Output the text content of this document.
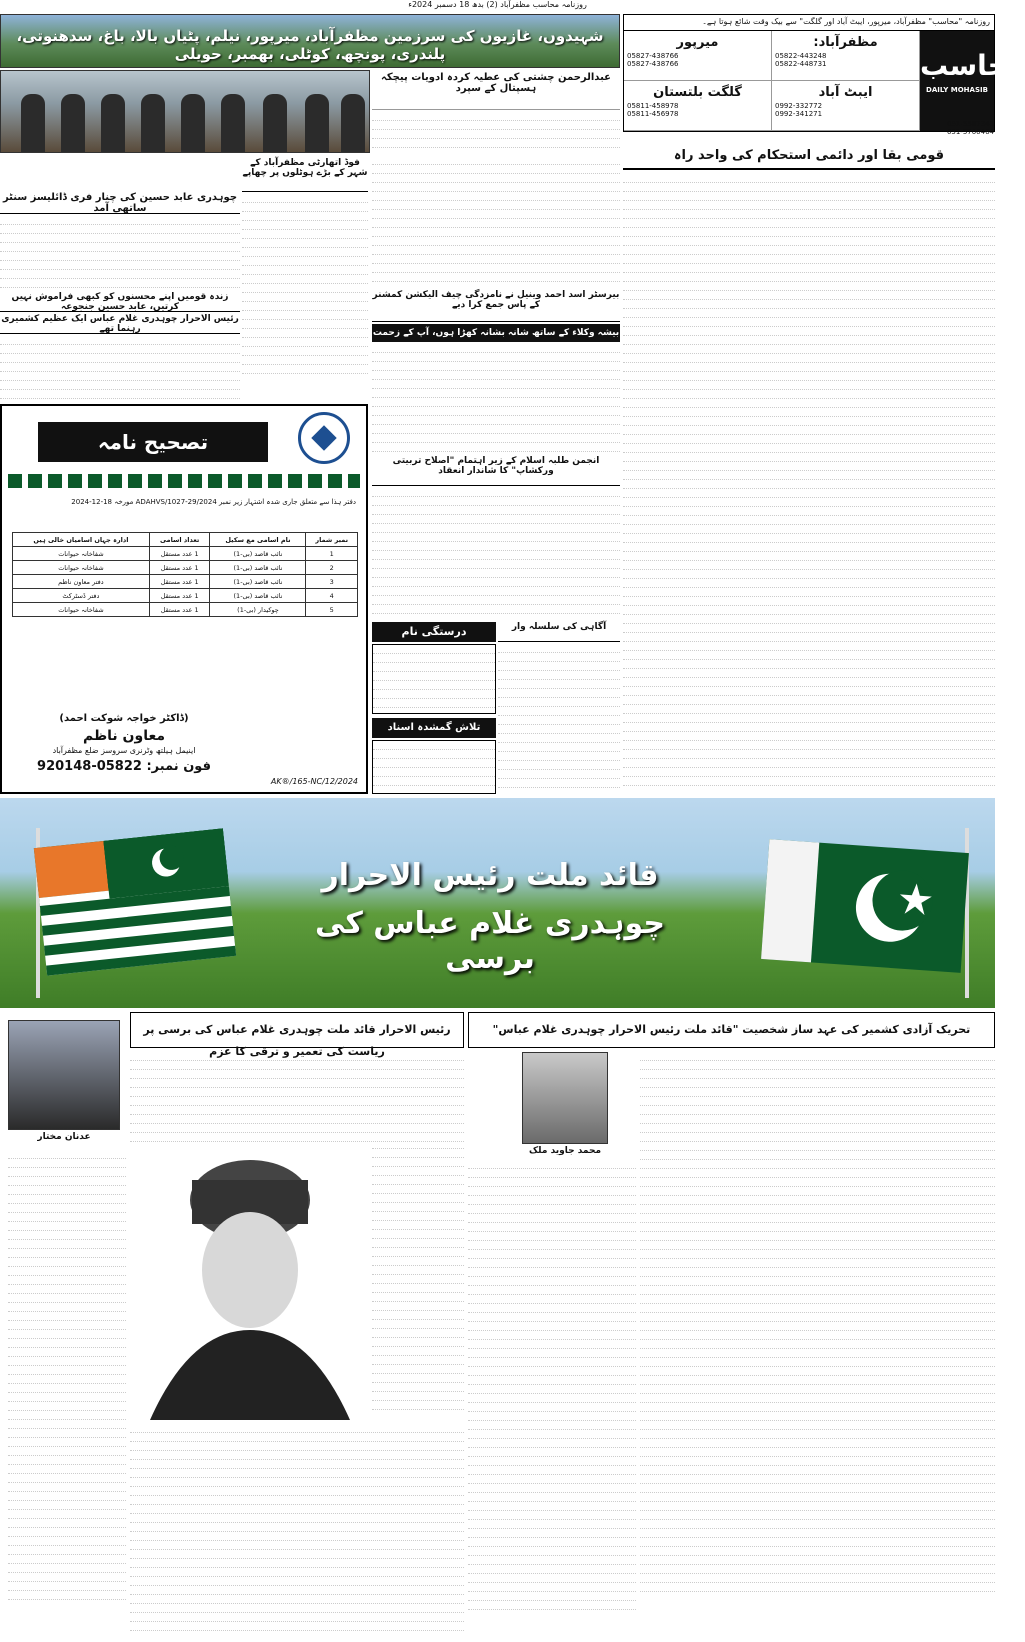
روزنامہ محاسب مظفرآباد (2) بدھ 18 دسمبر 2024ء
شہیدوں، غازیوں کی سرزمین مظفرآباد، میرپور، نیلم، پٹیاں بالا، باغ، سدھنوتی، پلندری، پونچھ، کوٹلی، بھمبر، حویلی
روزنامہ "محاسب" مظفرآباد، میرپور، ایبٹ آباد اور گلگت" سے بیک وقت شائع ہوتا ہے۔
محاسب
DAILY MOHASIB
میرپور
05827-438766
05827-438766
مظفرآباد:
05822-443248
05822-448731
گلگت بلتستان
05811-458978
05811-456978
ایبٹ آباد
0992-332772
0992-341271
051-5587341
051-5700464
عبدالرحمن چشتی کی عطیہ کردہ ادویات پیچکہ ہسپتال کے سپرد
قومی بقا اور دائمی استحکام کی واحد راہ
چوہدری عابد حسین کی چنار فری ڈائلیسز سنٹر ساتھی آمد
فوڈ اتھارٹی مظفرآباد کے شہر کے بڑے ہوٹلوں پر چھاپے
زندہ قومیں اپنے محسنوں کو کبھی فراموش نہیں کرتیں، عابد حسین جنجوعہ
رئیس الاحرار چوہدری غلام عباس ایک عظیم کشمیری رہنما تھے
بیرسٹر اسد احمد وینیل نے نامزدگی چیف الیکشن کمشنر کے پاس جمع کرا دیے
بیشہ وکلاء کے ساتھ شانہ بشانہ کھڑا ہوں، آپ کے زحمت کے لئے حاضر ہوں
انجمن طلبہ اسلام کے زیر اہتمام "اصلاح تربیتی ورکشاپ" کا شاندار انعقاد
درستگی نام
تلاش گمشدہ اسناد
آگاہی کی سلسلہ وار
تصحیح نامہ
دفتر ہذا سے متعلق جاری شدہ اشتہار زیر نمبر 2024/ADAHVS/1027-29 مورخہ 18-12-2024
نمبر شمار	نام اسامی مع سکیل	تعداد اسامی	ادارہ جہاں اسامیاں خالی ہیں
1	نائب قاصد (بی-1)	1 عدد مستقل	شفاخانہ حیوانات
2	نائب قاصد (بی-1)	1 عدد مستقل	شفاخانہ حیوانات
3	نائب قاصد (بی-1)	1 عدد مستقل	دفتر معاون ناظم
4	نائب قاصد (بی-1)	1 عدد مستقل	دفتر ڈسٹرکٹ
5	چوکیدار (بی-1)	1 عدد مستقل	شفاخانہ حیوانات
(ڈاکٹر خواجہ شوکت احمد)
معاون ناظم
اینیمل ہیلتھ وٹرنری سروسز ضلع مظفرآباد
فون نمبر: 05822-920148
AK®/165-NC/12/2024
قائد ملت رئیس الاحرار
چوہدری غلام عباس کی برسی
تحریک آزادی کشمیر کی عہد ساز شخصیت "قائد ملت رئیس الاحرار چوہدری غلام عباس"
محمد جاوید ملک
رئیس الاحرار قائد ملت چوہدری غلام عباس کی برسی پر ریاست کی تعمیر و ترقی کا عزم
عدنان مختار
